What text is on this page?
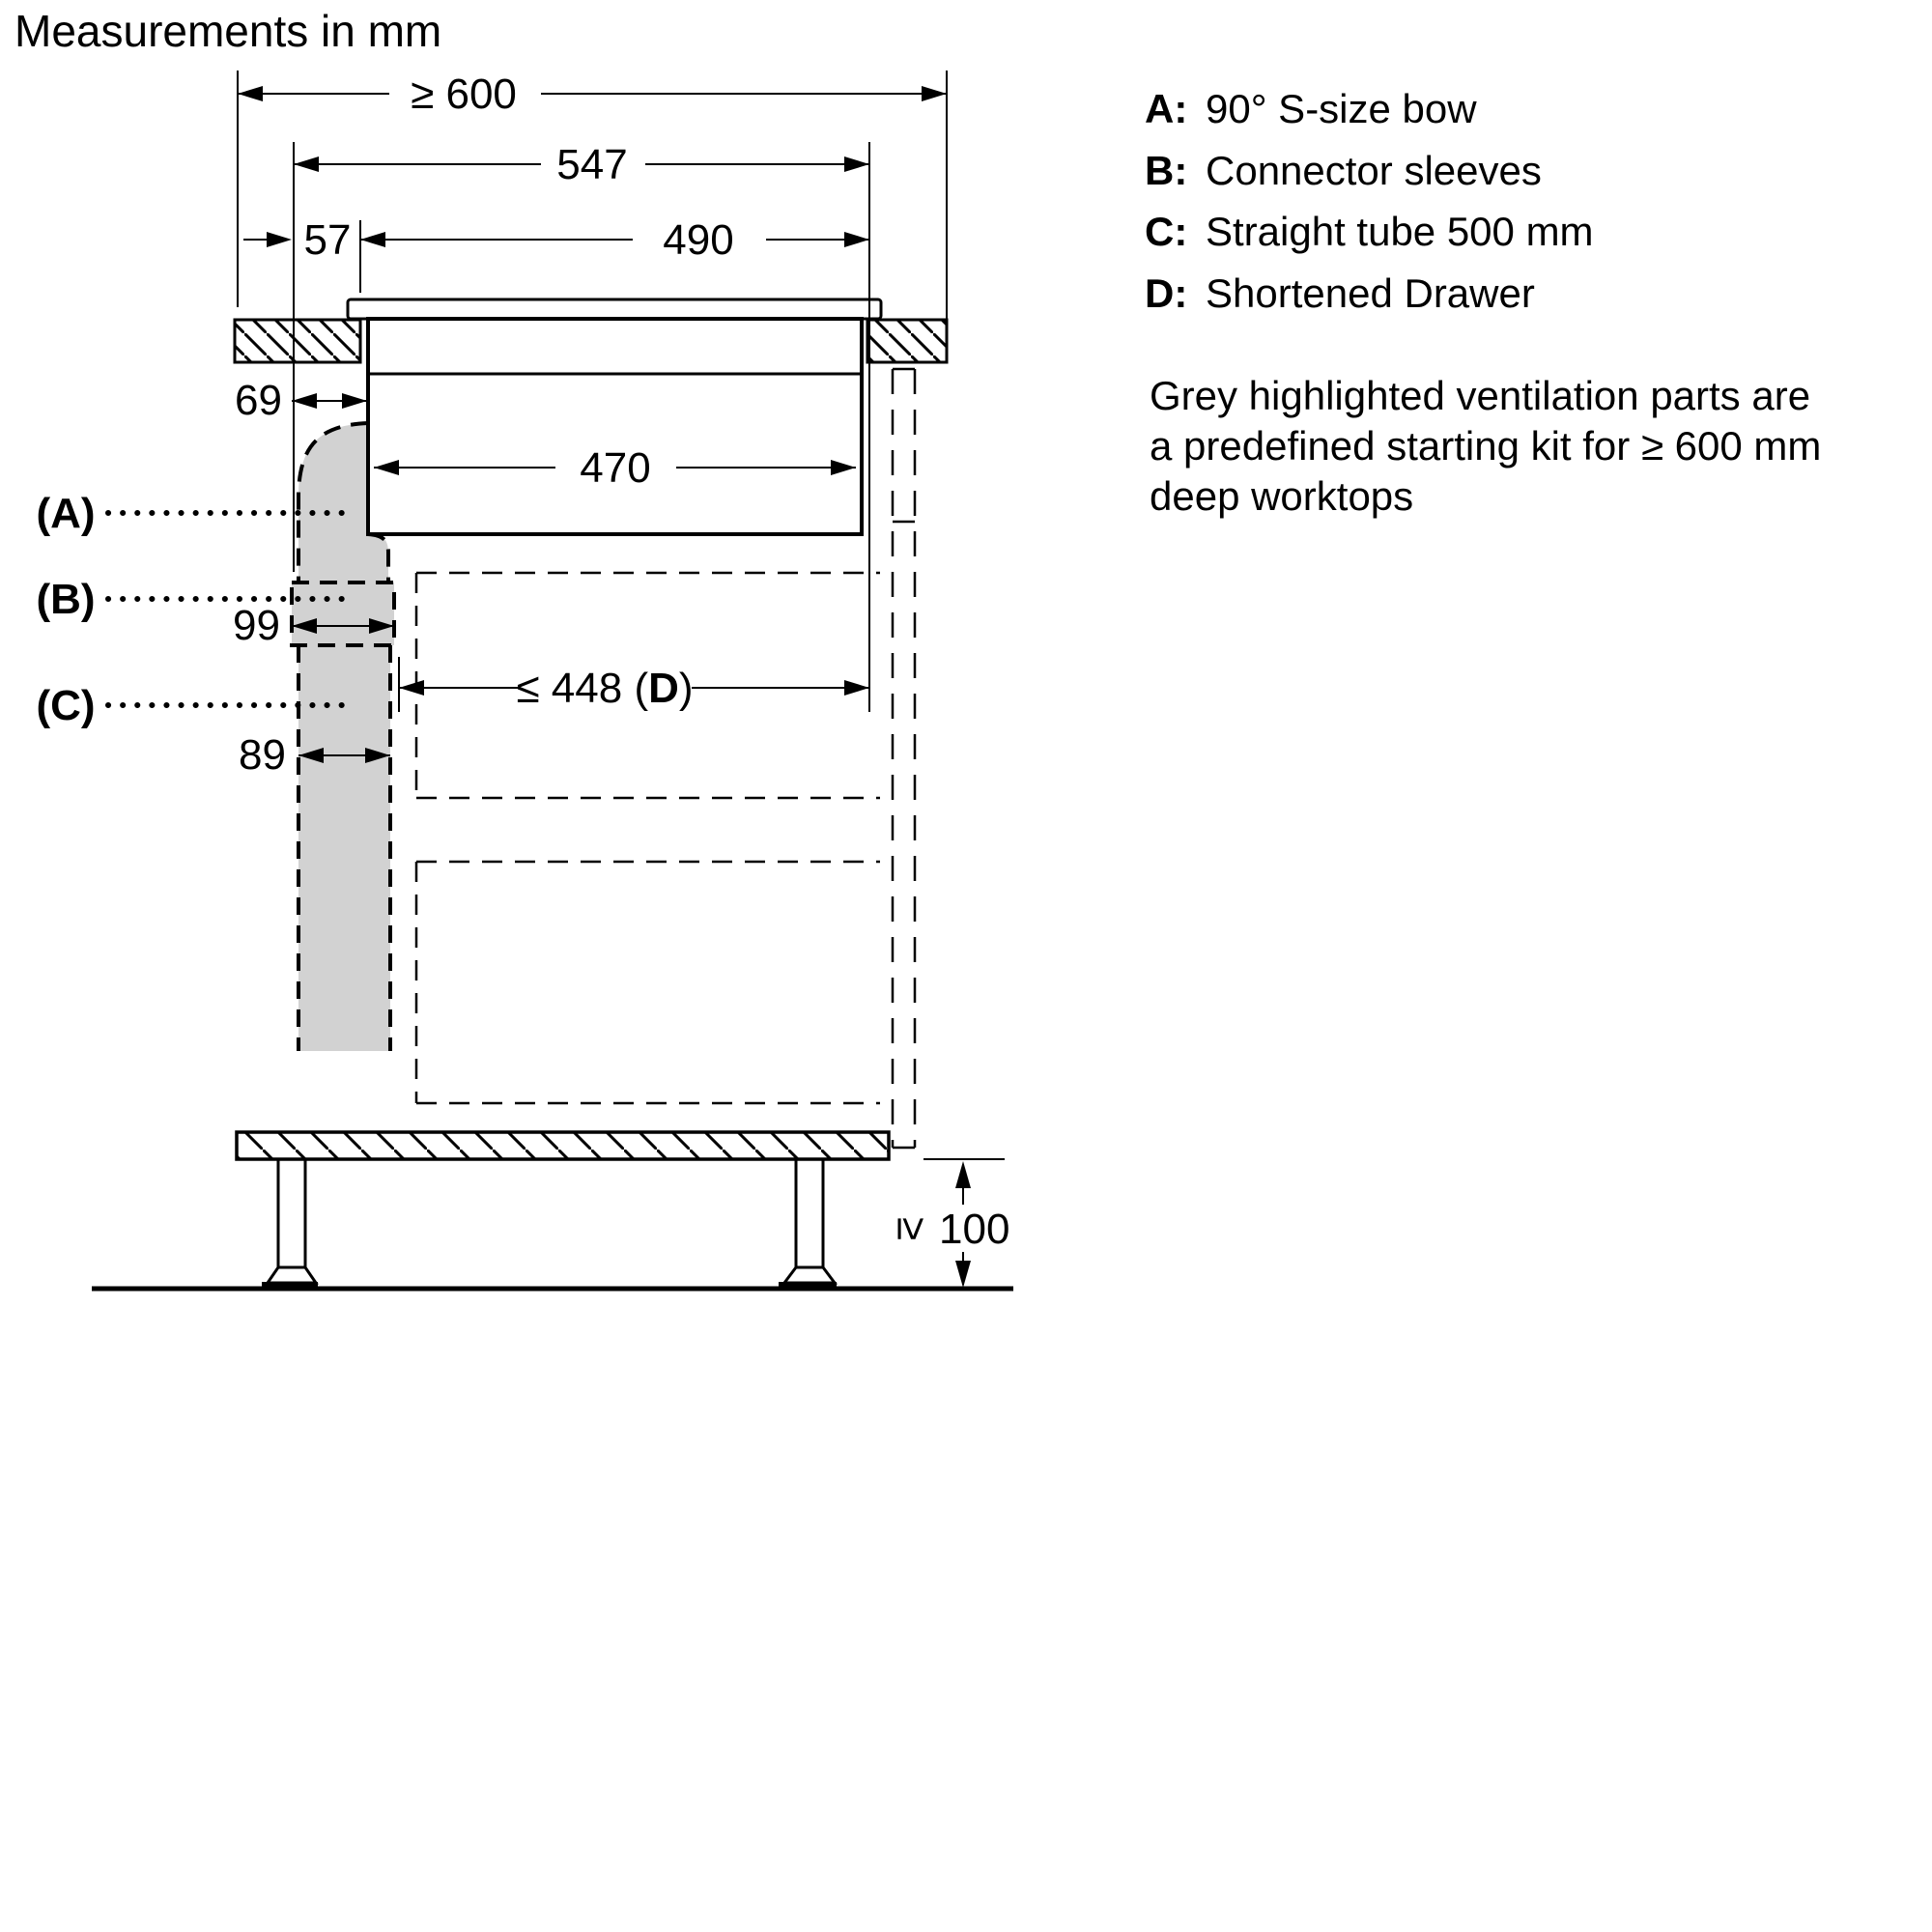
Measurements in mm
A: 90° S-size bow
B: Connector sleeves
C: Straight tube 500 mm
D: Shortened Drawer
Grey highlighted ventilation parts are
a predefined starting kit for ≥ 600 mm
deep worktops
≥ 600
547
57	490
69
470
(A)
(B)
(C)
99
≤ 448 (D)
89
≥ 100
